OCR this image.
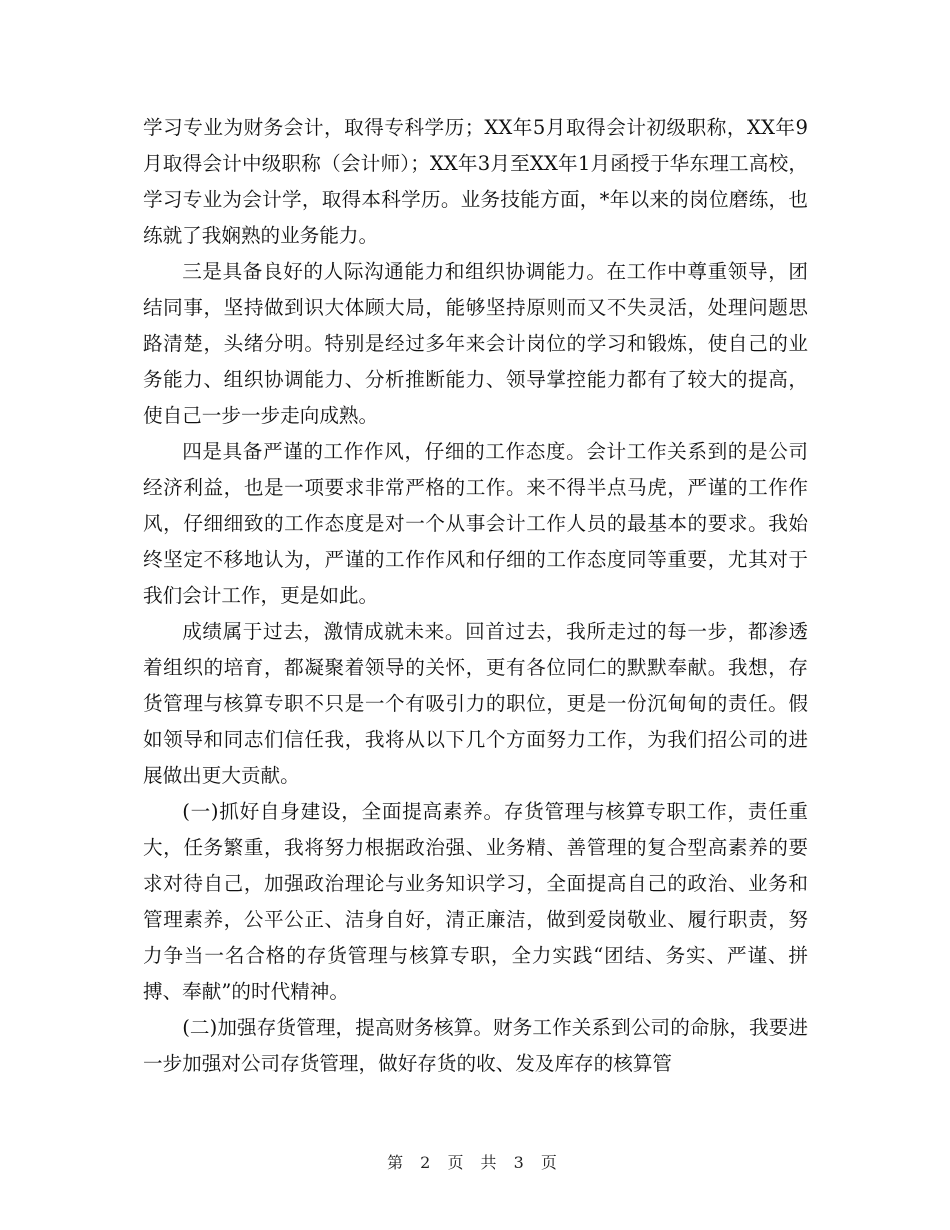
学习专业为财务会计，取得专科学历；XX年5月取得会计初级职称，XX年9月取得会计中级职称（会计师）；XX年3月至XX年1月函授于华东理工高校，学习专业为会计学，取得本科学历。业务技能方面，*年以来的岗位磨练，也练就了我娴熟的业务能力。

三是具备良好的人际沟通能力和组织协调能力。在工作中尊重领导，团结同事，坚持做到识大体顾大局，能够坚持原则而又不失灵活，处理问题思路清楚，头绪分明。特别是经过多年来会计岗位的学习和锻炼，使自己的业务能力、组织协调能力、分析推断能力、领导掌控能力都有了较大的提高，使自己一步一步走向成熟。

四是具备严谨的工作作风，仔细的工作态度。会计工作关系到的是公司经济利益，也是一项要求非常严格的工作。来不得半点马虎，严谨的工作作风，仔细细致的工作态度是对一个从事会计工作人员的最基本的要求。我始终坚定不移地认为，严谨的工作作风和仔细的工作态度同等重要，尤其对于我们会计工作，更是如此。

成绩属于过去，激情成就未来。回首过去，我所走过的每一步，都渗透着组织的培育，都凝聚着领导的关怀，更有各位同仁的默默奉献。我想，存货管理与核算专职不只是一个有吸引力的职位，更是一份沉甸甸的责任。假如领导和同志们信任我，我将从以下几个方面努力工作，为我们招公司的进展做出更大贡献。

(一)抓好自身建设，全面提高素养。存货管理与核算专职工作，责任重大，任务繁重，我将努力根据政治强、业务精、善管理的复合型高素养的要求对待自己，加强政治理论与业务知识学习，全面提高自己的政治、业务和管理素养，公平公正、洁身自好，清正廉洁，做到爱岗敬业、履行职责，努力争当一名合格的存货管理与核算专职，全力实践“团结、务实、严谨、拼搏、奉献”的时代精神。

(二)加强存货管理，提高财务核算。财务工作关系到公司的命脉，我要进一步加强对公司存货管理，做好存货的收、发及库存的核算管

第 2 页 共 3 页
